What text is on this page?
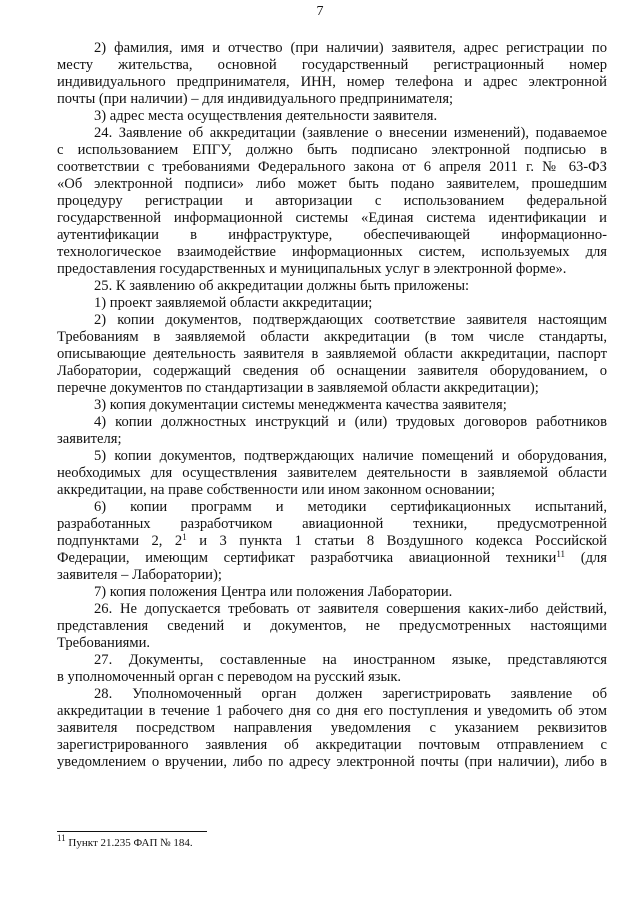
7
2) фамилия, имя и отчество (при наличии) заявителя, адрес регистрации по
месту жительства, основной государственный регистрационный номер
индивидуального предпринимателя, ИНН, номер телефона и адрес электронной
почты (при наличии) – для индивидуального предпринимателя;
3) адрес места осуществления деятельности заявителя.
24. Заявление об аккредитации (заявление о внесении изменений), подаваемое
с использованием ЕПГУ, должно быть подписано электронной подписью в
соответствии с требованиями Федерального закона от 6 апреля 2011 г. № 63-ФЗ
«Об электронной подписи» либо может быть подано заявителем, прошедшим
процедуру регистрации и авторизации с использованием федеральной
государственной информационной системы «Единая система идентификации и
аутентификации в инфраструктуре, обеспечивающей информационно-
технологическое взаимодействие информационных систем, используемых для
предоставления государственных и муниципальных услуг в электронной форме».
25. К заявлению об аккредитации должны быть приложены:
1) проект заявляемой области аккредитации;
2) копии документов, подтверждающих соответствие заявителя настоящим
Требованиям в заявляемой области аккредитации (в том числе стандарты,
описывающие деятельность заявителя в заявляемой области аккредитации, паспорт
Лаборатории, содержащий сведения об оснащении заявителя оборудованием, о
перечне документов по стандартизации в заявляемой области аккредитации);
3) копия документации системы менеджмента качества заявителя;
4) копии должностных инструкций и (или) трудовых договоров работников
заявителя;
5) копии документов, подтверждающих наличие помещений и оборудования,
необходимых для осуществления заявителем деятельности в заявляемой области
аккредитации, на праве собственности или ином законном основании;
6) копии программ и методики сертификационных испытаний,
разработанных разработчиком авиационной техники, предусмотренной
подпунктами 2, $2^1$ и 3 пункта 1 статьи 8 Воздушного кодекса Российской
Федерации, имеющим сертификат разработчика авиационной техники$^{11}$ (для
заявителя – Лаборатории);
7) копия положения Центра или положения Лаборатории.
26. Не допускается требовать от заявителя совершения каких-либо действий,
представления сведений и документов, не предусмотренных настоящими
Требованиями.
27. Документы, составленные на иностранном языке, представляются
в уполномоченный орган с переводом на русский язык.
28. Уполномоченный орган должен зарегистрировать заявление об
аккредитации в течение 1 рабочего дня со дня его поступления и уведомить об этом
заявителя посредством направления уведомления с указанием реквизитов
зарегистрированного заявления об аккредитации почтовым отправлением с
уведомлением о вручении, либо по адресу электронной почты (при наличии), либо в
$^{11}$ Пункт 21.235 ФАП № 184.
